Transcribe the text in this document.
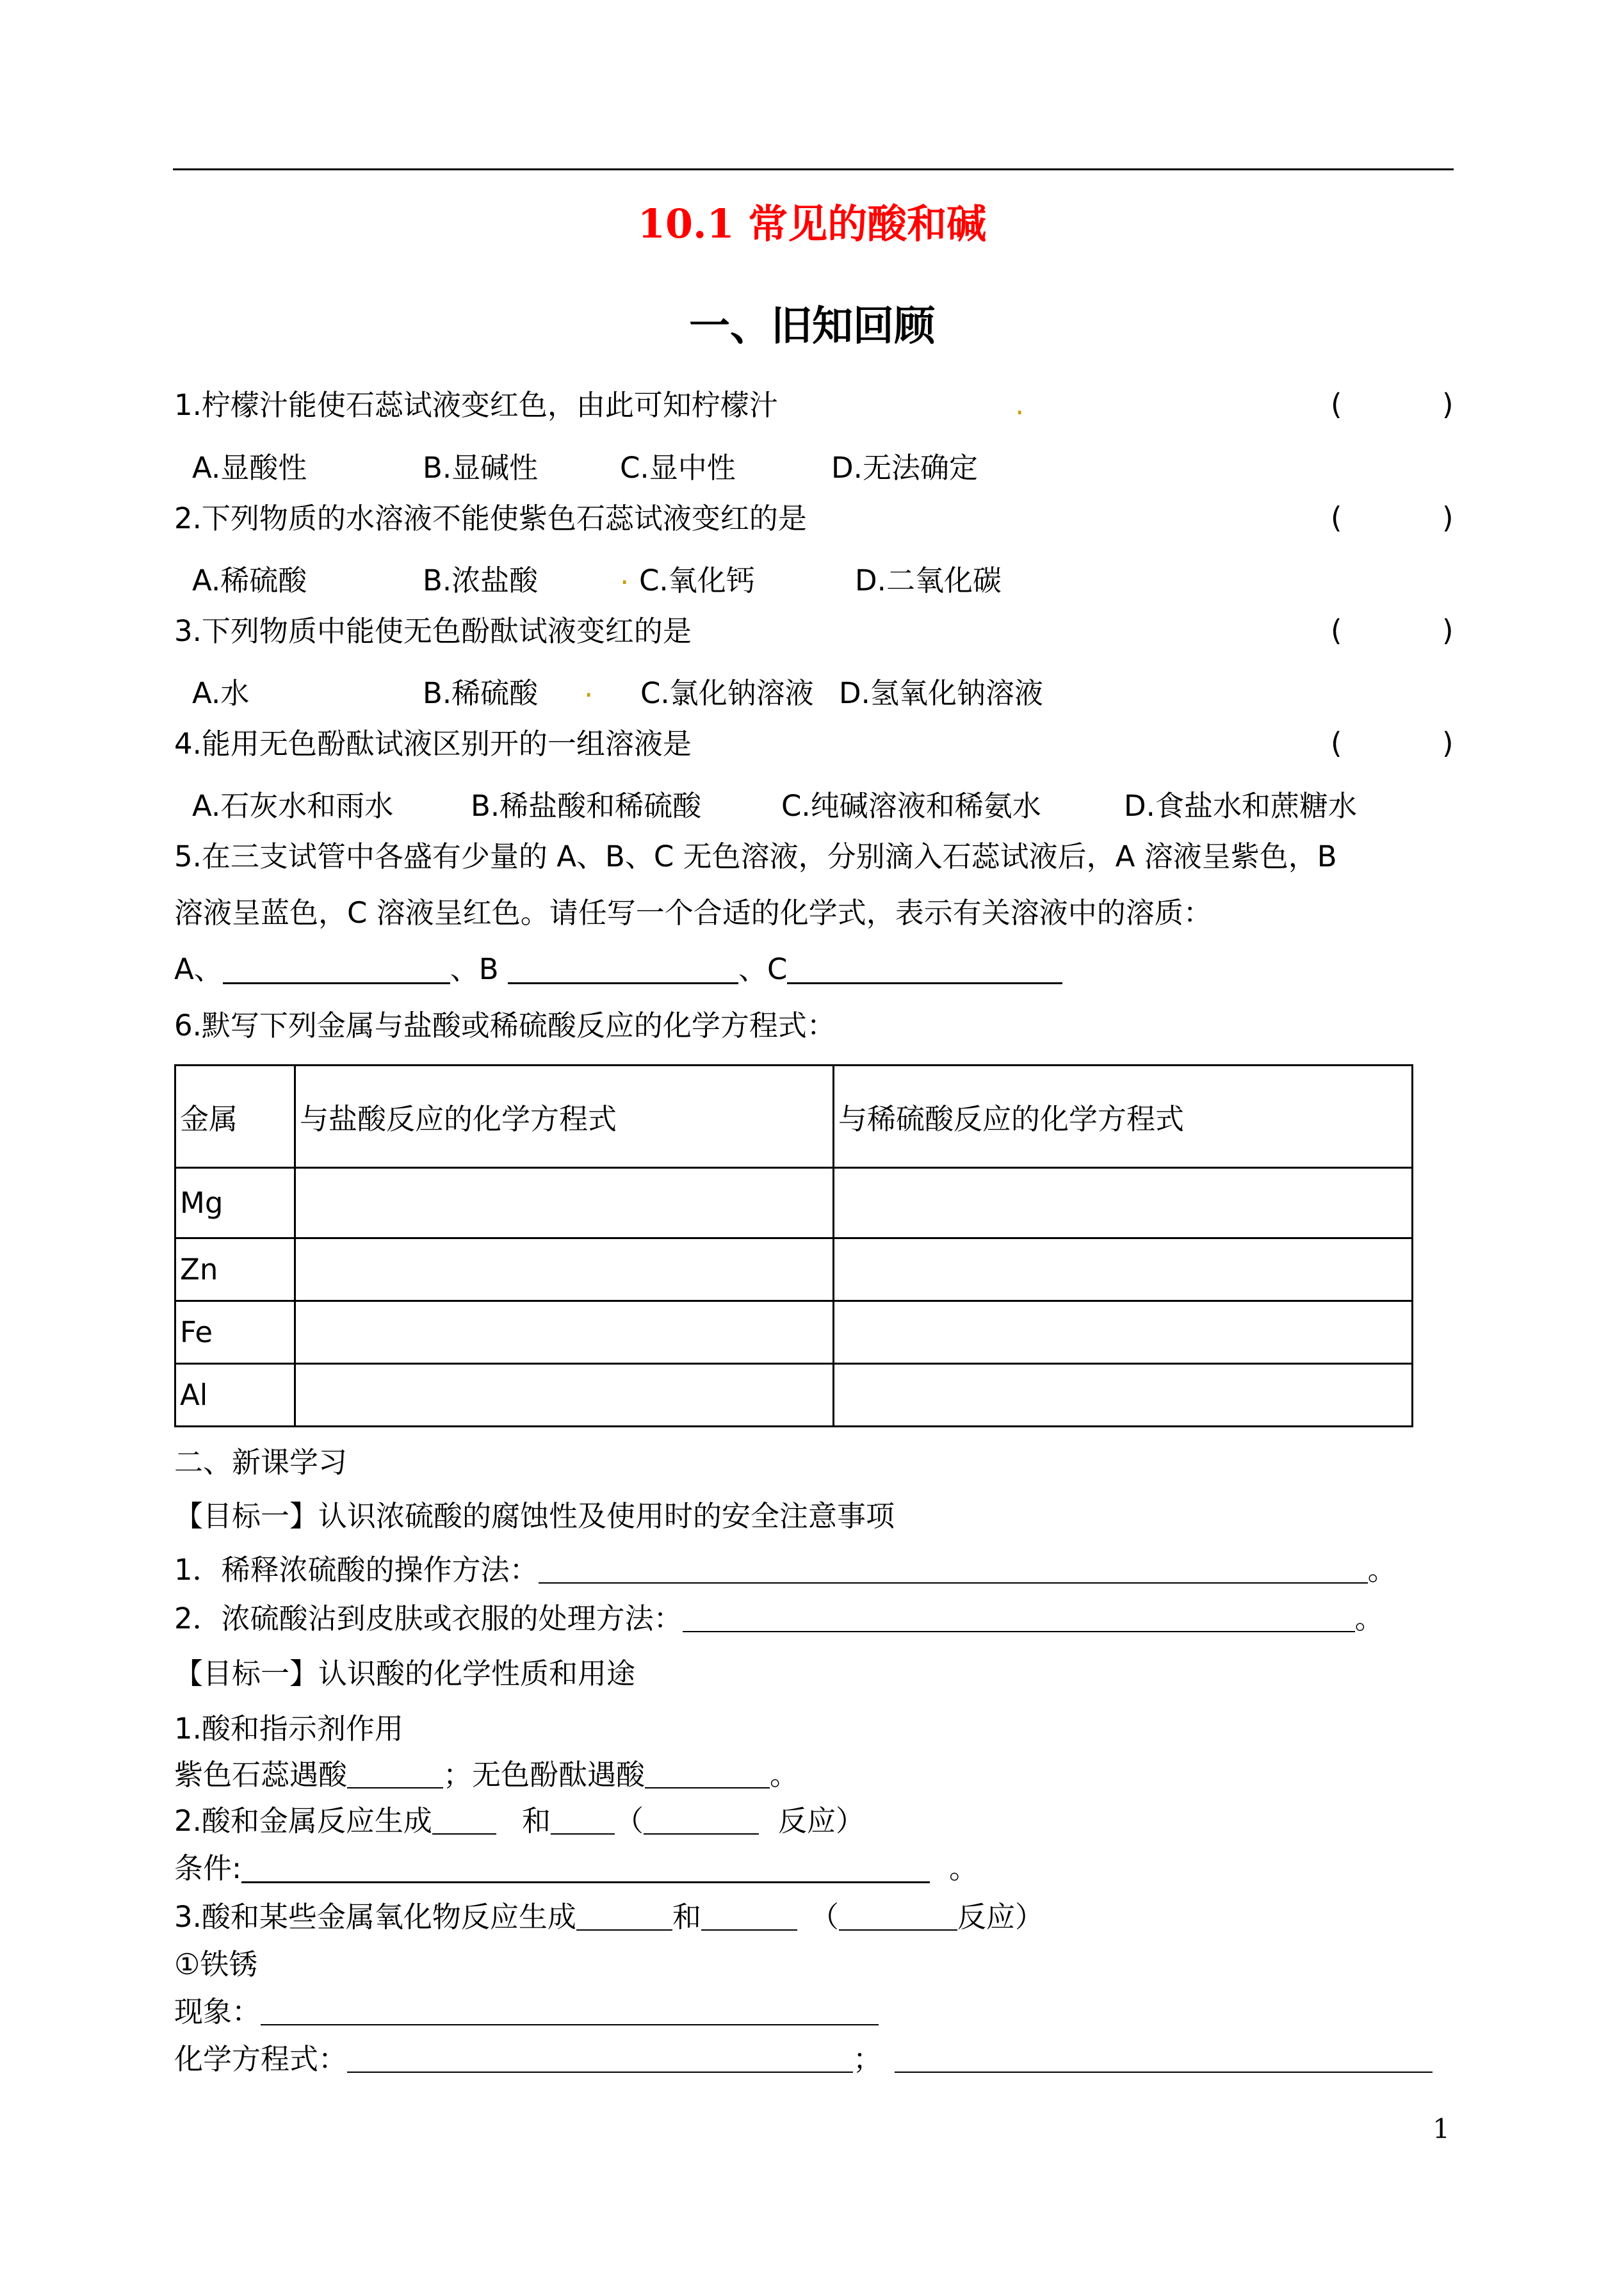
10.1 常见的酸和碱
一、旧知回顾
1.柠檬汁能使石蕊试液变红色，由此可知柠檬汁	.	(	)
A.显酸性	B.显碱性	C.显中性	D.无法确定
2.下列物质的水溶液不能使紫色石蕊试液变红的是	(	)
A.稀硫酸	B.浓盐酸	. C.氧化钙	D.二氧化碳
3.下列物质中能使无色酚酞试液变红的是	(	)
A.水	B.稀硫酸 . C.氯化钠溶液 D.氢氧化钠溶液
4.能用无色酚酞试液区别开的一组溶液是	(	)
A.石灰水和雨水	B.稀盐酸和稀硫酸	C.纯碱溶液和稀氨水	D.食盐水和蔗糖水
5.在三支试管中各盛有少量的 A、B、C 无色溶液，分别滴入石蕊试液后，A 溶液呈紫色，B
溶液呈蓝色，C 溶液呈红色。请任写一个合适的化学式，表示有关溶液中的溶质：
A、	、B	、C
6.默写下列金属与盐酸或稀硫酸反应的化学方程式：
金属	与盐酸反应的化学方程式	与稀硫酸反应的化学方程式
Mg		
Zn		
Fe		
Al		
二、新课学习
【目标一】认识浓硫酸的腐蚀性及使用时的安全注意事项
1．稀释浓硫酸的操作方法：	。
2．浓硫酸沾到皮肤或衣服的处理方法：	。
【目标一】认识酸的化学性质和用途
1.酸和指示剂作用
紫色石蕊遇酸	；无色酚酞遇酸	。
2.酸和金属反应生成	和 （	反应）
条件:	。
3.酸和某些金属氧化物反应生成	和	（	反应）
①铁锈
现象：
化学方程式：	；
1
